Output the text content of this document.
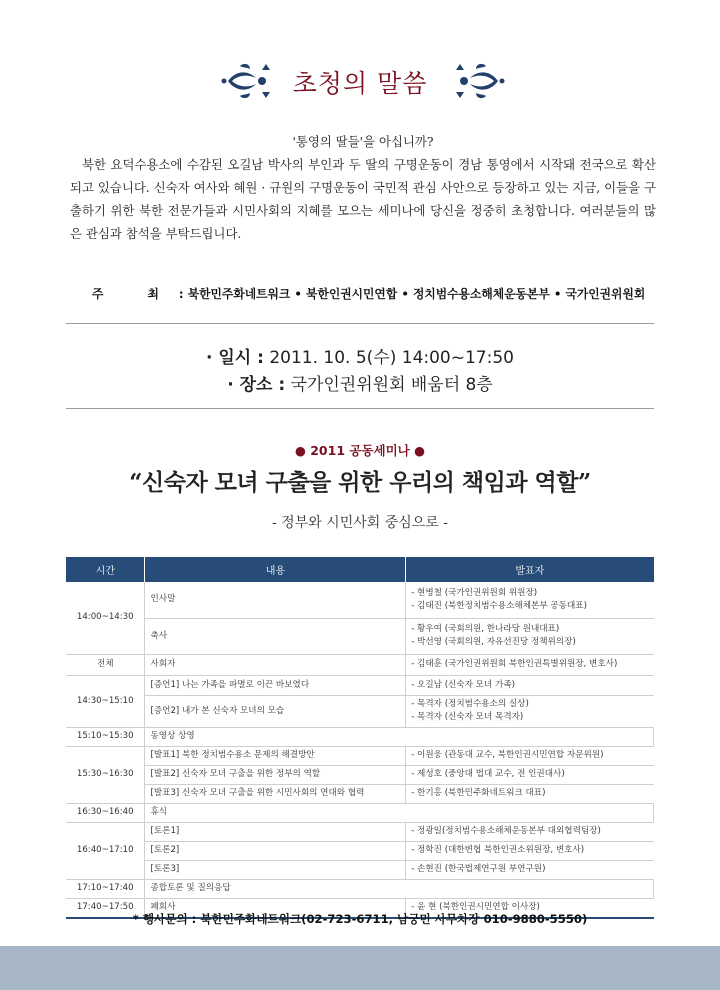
초청의 말씀
'통영의 딸들'을 아십니까?
북한 요덕수용소에 수감된 오길남 박사의 부인과 두 딸의 구명운동이 경남 통영에서 시작돼 전국으로 확산되고 있습니다. 신숙자 여사와 혜원 · 규원의 구명운동이 국민적 관심 사안으로 등장하고 있는 지금, 이들을 구출하기 위한 북한 전문가들과 시민사회의 지혜를 모으는 세미나에 당신을 정중히 초청합니다. 여러분들의 많은 관심과 참석을 부탁드립니다.
주 최: 북한민주화네트워크 • 북한인권시민연합 • 정치범수용소해체운동본부 • 국가인권위원회
· 일시 : 2011. 10. 5(수) 14:00~17:50
· 장소 : 국가인권위원회 배움터 8층
● 2011 공동세미나 ●
“신숙자 모녀 구출을 위한 우리의 책임과 역할”
- 정부와 시민사회 중심으로 -
시간	내용	발표자
14:00~14:30	인사말	- 현병철 (국가인권위원회 위원장)
- 김태진 (북한정치범수용소해체본부 공동대표)

	축사	- 황우여 (국회의원, 한나라당 원내대표)
- 박선영 (국회의원, 자유선진당 정책위의장)

전체	사회자	- 김태훈 (국가인권위원회 북한인권특별위원장, 변호사)

14:30~15:10	[증언1] 나는 가족을 파멸로 이끈 바보였다	- 오길남 (신숙자 모녀 가족)

	[증언2] 내가 본 신숙자 모녀의 모습	- 목격자 (정치범수용소의 실상)
- 목격자 (신숙자 모녀 목격자)

15:10~15:30	동영상 상영	
15:30~16:30	[발표1] 북한 정치범수용소 문제의 해결방안	- 이원웅 (관동대 교수, 북한인권시민연합 자문위원)

	[발표2] 신숙자 모녀 구출을 위한 정부의 역할	- 제성호 (중앙대 법대 교수, 전 인권대사)

	[발표3] 신숙자 모녀 구출을 위한 시민사회의 연대와 협력	- 한기홍 (북한민주화네트워크 대표)

16:30~16:40	휴식	
16:40~17:10	[토론1]	- 정광일(정치범수용소해체운동본부 대외협력팀장)

	[토론2]	- 정학진 (대한변협 북한인권소위원장, 변호사)

	[토론3]	- 손현진 (한국법제연구원 부연구원)

17:10~17:40	종합토론 및 질의응답	
17:40~17:50	폐회사	- 윤 현 (북한인권시민연합 이사장)
* 행사문의 : 북한민주화네트워크(02-723-6711, 남궁민 사무차장 010-9880-5550)
